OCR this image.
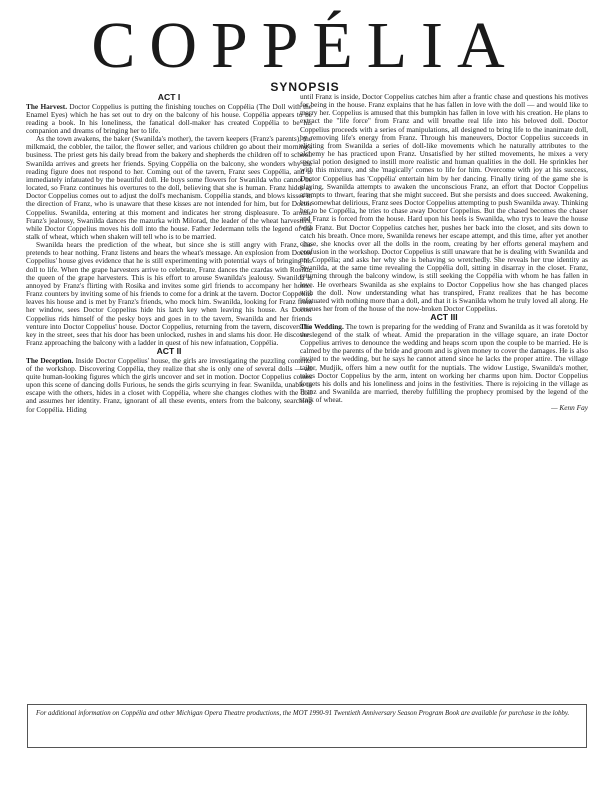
COPPÉLIA
SYNOPSIS
ACT I

The Harvest. Doctor Coppelius is putting the finishing touches on Coppélia (The Doll with the Enamel Eyes) which he has set out to dry on the balcony of his house. Coppélia appears to be reading a book. In his loneliness, the fanatical doll-maker has created Coppélia to be his companion and dreams of bringing her to life.

As the town awakens, the baker (Swanilda's mother), the tavern keepers (Franz's parents), the milkmaid, the cobbler, the tailor, the flower seller, and various children go about their morning's business. The priest gets his daily bread from the bakery and shepherds the children off to school. Swanilda arrives and greets her friends. Spying Coppélia on the balcony, she wonders why the reading figure does not respond to her. Coming out of the tavern, Franz sees Coppélia, and is immediately infatuated by the beautiful doll. He buys some flowers for Swanilda who cannot be located, so Franz continues his overtures to the doll, believing that she is human. Franz hides as Doctor Coppelius comes out to adjust the doll's mechanism. Coppélia stands, and blows kisses in the direction of Franz, who is unaware that these kisses are not intended for him, but for Doctor Coppelius. Swanilda, entering at this moment and indicates her strong displeasure. To arouse Franz's jealousy, Swanilda dances the mazurka with Milorad, the leader of the wheat harvesters, while Doctor Coppelius moves his doll into the house. Father Jedermann tells the legend of the stalk of wheat, which when shaken will tell who is to be married.

Swanilda hears the prediction of the wheat, but since she is still angry with Franz, she pretends to hear nothing. Franz listens and hears the wheat's message. An explosion from Doctor Coppelius' house gives evidence that he is still experimenting with potential ways of bringing his doll to life. When the grape harvesters arrive to celebrate, Franz dances the czardas with Rosika, the queen of the grape harvesters. This is his effort to arouse Swanilda's jealousy. Swanilda is annoyed by Franz's flirting with Rosika and invites some girl friends to accompany her home. Franz counters by inviting some of his friends to come for a drink at the tavern. Doctor Coppelius leaves his house and is met by Franz's friends, who mock him. Swanilda, looking for Franz from her window, sees Doctor Coppelius hide his latch key when leaving his house. As Doctor Coppelius rids himself of the pesky boys and goes in to the tavern, Swanilda and her friends venture into Doctor Coppelius' house. Doctor Coppelius, returning from the tavern, discovers his key in the street, sees that his door has been unlocked, rushes in and slams his door. He discovers Franz approaching the balcony with a ladder in quest of his new infatuation, Coppélia.

ACT II

The Deception. Inside Doctor Coppelius' house, the girls are investigating the puzzling contents of the workshop. Discovering Coppélia, they realize that she is only one of several dolls — all quite human-looking figures which the girls uncover and set in motion. Doctor Coppelius comes upon this scene of dancing dolls Furious, he sends the girls scurrying in fear. Swanilda, unable to escape with the others, hides in a closet with Coppélia, where she changes clothes with the doll and assumes her identity. Franz, ignorant of all these events, enters from the balcony, searching for Coppélia. Hiding

until Franz is inside, Doctor Coppelius catches him after a frantic chase and questions his motives for being in the house. Franz explains that he has fallen in love with the doll — and would like to marry her. Coppelius is amused that this bumpkin has fallen in love with his creation. He plans to extract the "life force" from Franz and will breathe real life into his beloved doll. Doctor Coppelius proceeds with a series of manipulations, all designed to bring life to the inanimate doll, by removing life's energy from Franz. Through his maneuvers, Doctor Coppelius succeeds in eliciting from Swanilda a series of doll-like movements which he naturally attributes to the alchemy he has practiced upon Franz. Unsatisfied by her stilted movements, he mixes a very special potion designed to instill more realistic and human qualities in the doll. He sprinkles her with this mixture, and she 'magically' comes to life for him. Overcome with joy at his success, Doctor Coppelius has 'Coppélia' entertain him by her dancing. Finally tiring of the game she is playing, Swanilda attempts to awaken the unconscious Franz, an effort that Doctor Coppelius attempts to thwart, fearing that she might succeed. But she persists and does succeed. Awakening, but somewhat delirious, Franz sees Doctor Coppelius attempting to push Swanilda away. Thinking her to be Coppélia, he tries to chase away Doctor Coppelius. But the chased becomes the chaser and Franz is forced from the house. Hard upon his heels is Swanilda, who trys to leave the house with Franz. But Doctor Coppelius catches her, pushes her back into the closet, and sits down to catch his breath. Once more, Swanilda renews her escape attempt, and this time, after yet another chase, she knocks over all the dolls in the room, creating by her efforts general mayhem and confusion in the workshop. Doctor Coppelius is still unaware that he is dealing with Swanilda and not Coppélia; and asks her why she is behaving so wretchedly. She reveals her true identity as Swanilda, at the same time revealing the Coppélia doll, sitting in disarray in the closet. Franz, returning through the balcony window, is still seeking the Coppélia with whom he has fallen in love. He overhears Swanilda as she explains to Doctor Coppelius how she has changed places with the doll. Now understanding what has transpired, Franz realizes that he has become infatuated with nothing more than a doll, and that it is Swanilda whom he truly loved all along. He rescues her from of the house of the now-broken Doctor Coppelius.

ACT III

The Wedding. The town is preparing for the wedding of Franz and Swanilda as it was foretold by the legend of the stalk of wheat. Amid the preparation in the village square, an irate Doctor Coppelius arrives to denounce the wedding and heaps scorn upon the couple to be married. He is calmed by the parents of the bride and groom and is given money to cover the damages. He is also invited to the wedding, but he says he cannot attend since he lacks the proper attire. The village tailor, Mudjik, offers him a new outfit for the nuptials. The widow Lustige, Swanilda's mother, takes Doctor Coppelius by the arm, intent on working her charms upon him. Doctor Coppelius forgets his dolls and his loneliness and joins in the festivities. There is rejoicing in the village as Franz and Swanilda are married, thereby fulfilling the prophecy promised by the legend of the stalk of wheat.

— Kenn Fay
For additional information on Coppélia and other Michigan Opera Theatre productions, the MOT 1990-91 Twentieth Anniversary Season Program Book are available for purchase in the lobby.
